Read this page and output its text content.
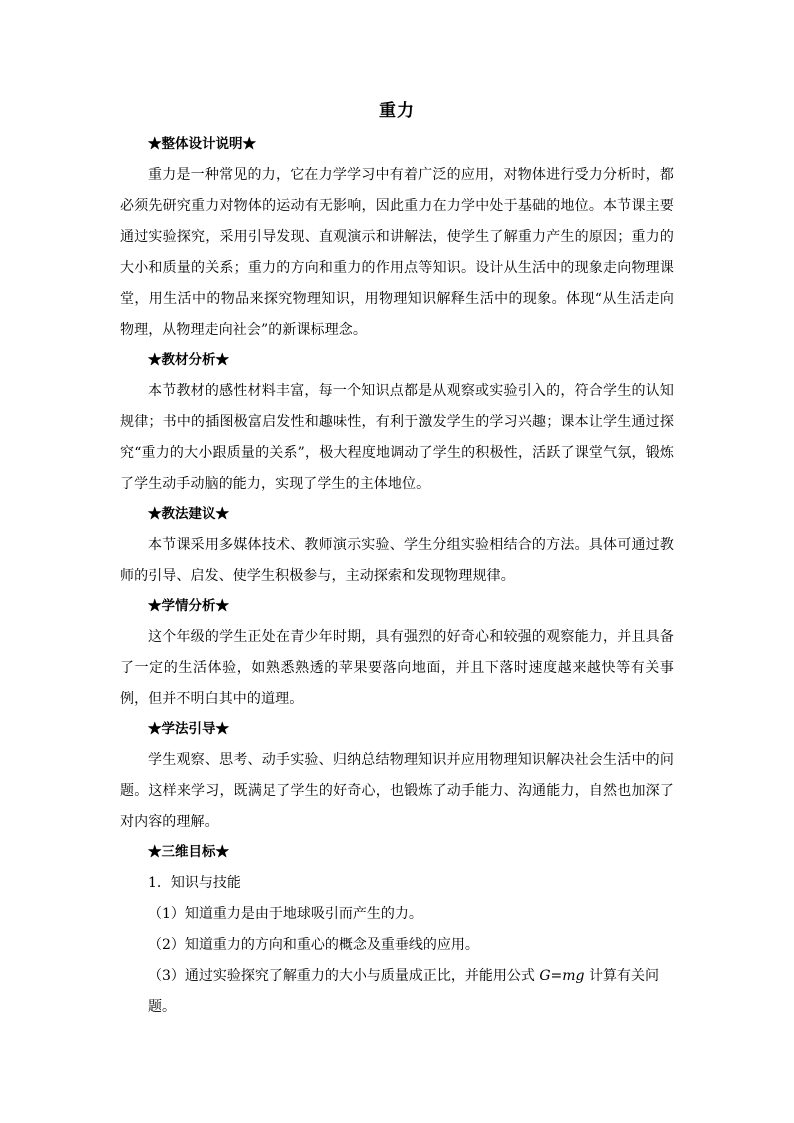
重力
★整体设计说明★

重力是一种常见的力，它在力学学习中有着广泛的应用，对物体进行受力分析时，都必须先研究重力对物体的运动有无影响，因此重力在力学中处于基础的地位。本节课主要通过实验探究，采用引导发现、直观演示和讲解法，使学生了解重力产生的原因；重力的大小和质量的关系；重力的方向和重力的作用点等知识。设计从生活中的现象走向物理课堂，用生活中的物品来探究物理知识，用物理知识解释生活中的现象。体现“从生活走向物理，从物理走向社会”的新课标理念。

★教材分析★

本节教材的感性材料丰富，每一个知识点都是从观察或实验引入的，符合学生的认知规律；书中的插图极富启发性和趣味性，有利于激发学生的学习兴趣；课本让学生通过探究“重力的大小跟质量的关系”，极大程度地调动了学生的积极性，活跃了课堂气氛，锻炼了学生动手动脑的能力，实现了学生的主体地位。

★教法建议★

本节课采用多媒体技术、教师演示实验、学生分组实验相结合的方法。具体可通过教师的引导、启发、使学生积极参与，主动探索和发现物理规律。

★学情分析★

这个年级的学生正处在青少年时期，具有强烈的好奇心和较强的观察能力，并且具备了一定的生活体验，如熟悉熟透的苹果要落向地面，并且下落时速度越来越快等有关事例，但并不明白其中的道理。

★学法引导★

学生观察、思考、动手实验、归纳总结物理知识并应用物理知识解决社会生活中的问题。这样来学习，既满足了学生的好奇心，也锻炼了动手能力、沟通能力，自然也加深了对内容的理解。

★三维目标★
1．知识与技能
（1）知道重力是由于地球吸引而产生的力。
（2）知道重力的方向和重心的概念及重垂线的应用。
（3）通过实验探究了解重力的大小与质量成正比，并能用公式 G=mg 计算有关问题。
